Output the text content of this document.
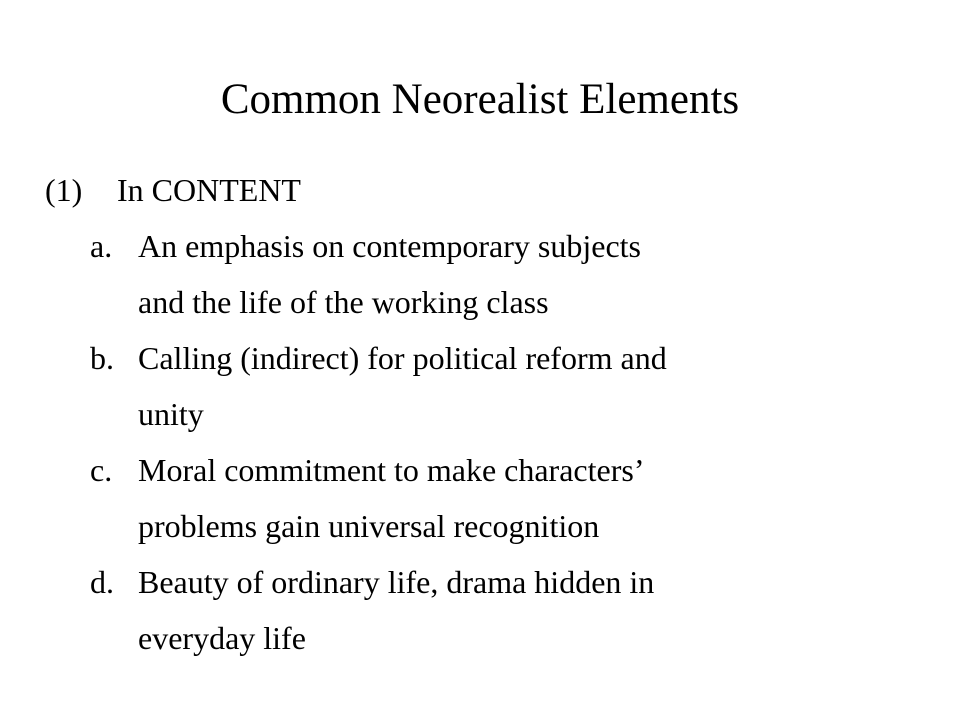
Common Neorealist Elements
(1) In CONTENT
a. An emphasis on contemporary subjects
and the life of the working class
b. Calling (indirect) for political reform and
unity
c. Moral commitment to make characters’
problems gain universal recognition
d. Beauty of ordinary life, drama hidden in
everyday life
